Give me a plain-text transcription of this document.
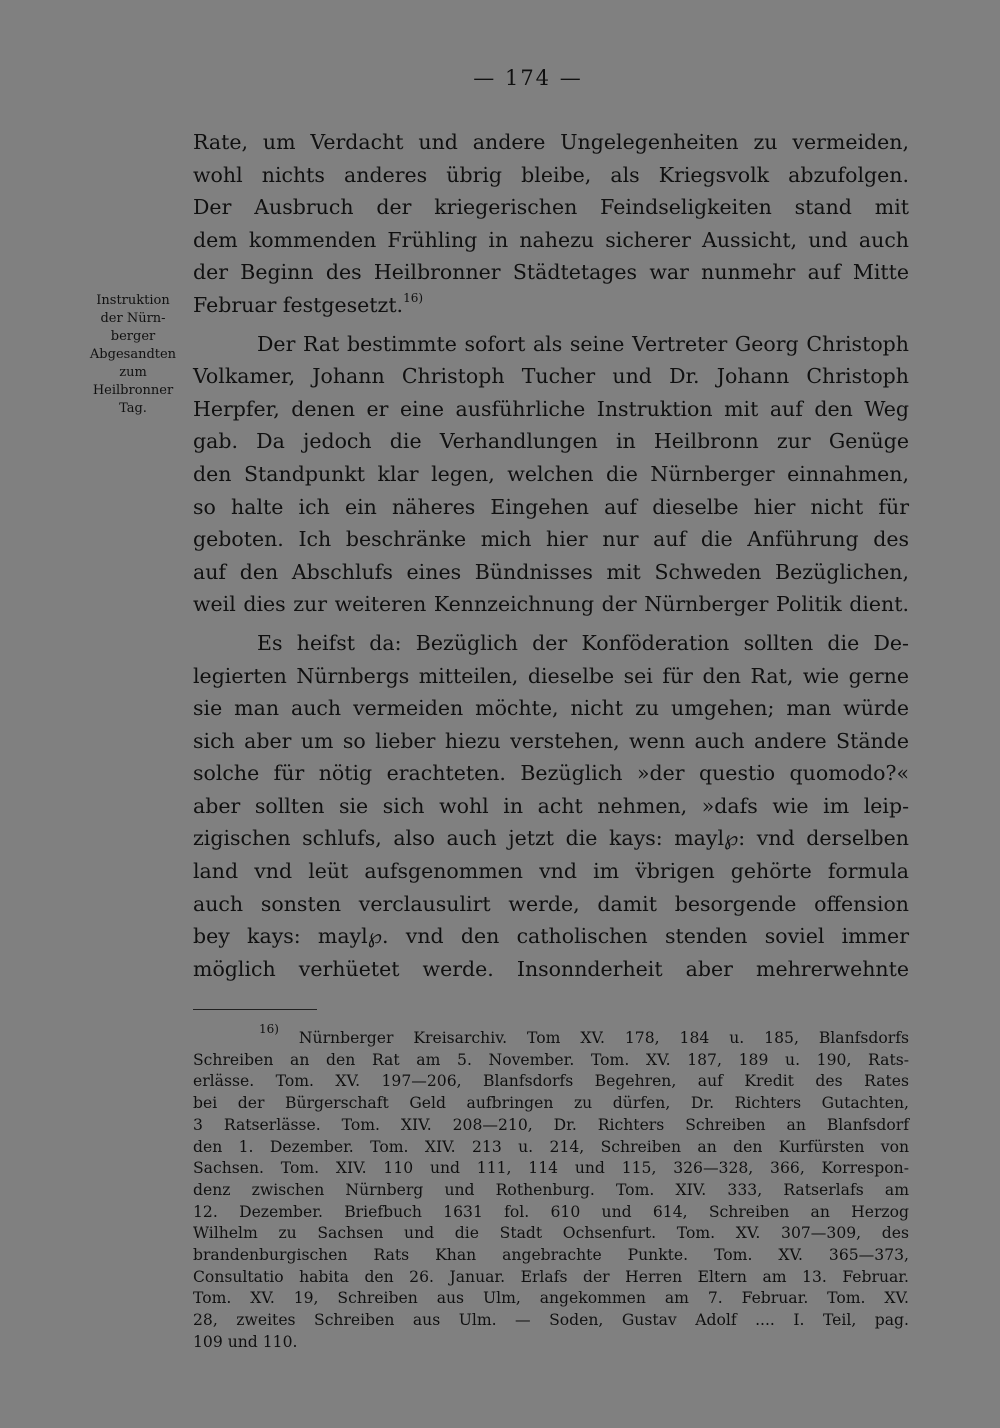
— 174 —
Instruktion
der Nürn-
berger
Abgesandten
zum
Heilbronner
Tag.

Rate, um Verdacht und andere Ungelegenheiten zu vermeiden,
wohl nichts anderes übrig bleibe, als Kriegsvolk abzufolgen.
Der Ausbruch der kriegerischen Feindseligkeiten stand mit
dem kommenden Frühling in nahezu sicherer Aussicht, und auch
der Beginn des Heilbronner Städtetages war nunmehr auf Mitte
Februar festgesetzt.$^{16)}$

Der Rat bestimmte sofort als seine Vertreter Georg Christoph
Volkamer, Johann Christoph Tucher und Dr. Johann Christoph
Herpfer, denen er eine ausführliche Instruktion mit auf den Weg
gab. Da jedoch die Verhandlungen in Heilbronn zur Genüge
den Standpunkt klar legen, welchen die Nürnberger einnahmen,
so halte ich ein näheres Eingehen auf dieselbe hier nicht für
geboten. Ich beschränke mich hier nur auf die Anführung des
auf den Abschlufs eines Bündnisses mit Schweden Bezüglichen,
weil dies zur weiteren Kennzeichnung der Nürnberger Politik dient.

Es heifst da: Bezüglich der Konföderation sollten die De-
legierten Nürnbergs mitteilen, dieselbe sei für den Rat, wie gerne
sie man auch vermeiden möchte, nicht zu umgehen; man würde
sich aber um so lieber hiezu verstehen, wenn auch andere Stände
solche für nötig erachteten. Bezüglich »der questio quomodo?«
aber sollten sie sich wohl in acht nehmen, »dafs wie im leip-
zigischen schlufs, also auch jetzt die kays: mayl℘: vnd derselben
land vnd leüt aufsgenommen vnd im v̈brigen gehörte formula
auch sonsten verclausulirt werde, damit besorgende offension
bey kays: mayl℘. vnd den catholischen stenden soviel immer
möglich verhüetet werde. Insonnderheit aber mehrerwehnte

$^{16)}$ Nürnberger Kreisarchiv. Tom XV. 178, 184 u. 185, Blanfsdorfs
Schreiben an den Rat am 5. November. Tom. XV. 187, 189 u. 190, Rats-
erlässe. Tom. XV. 197—206, Blanfsdorfs Begehren, auf Kredit des Rates
bei der Bürgerschaft Geld aufbringen zu dürfen, Dr. Richters Gutachten,
3 Ratserlässe. Tom. XIV. 208—210, Dr. Richters Schreiben an Blanfsdorf
den 1. Dezember. Tom. XIV. 213 u. 214, Schreiben an den Kurfürsten von
Sachsen. Tom. XIV. 110 und 111, 114 und 115, 326—328, 366, Korrespon-
denz zwischen Nürnberg und Rothenburg. Tom. XIV. 333, Ratserlafs am
12. Dezember. Briefbuch 1631 fol. 610 und 614, Schreiben an Herzog
Wilhelm zu Sachsen und die Stadt Ochsenfurt. Tom. XV. 307—309, des
brandenburgischen Rats Khan angebrachte Punkte. Tom. XV. 365—373,
Consultatio habita den 26. Januar. Erlafs der Herren Eltern am 13. Februar.
Tom. XV. 19, Schreiben aus Ulm, angekommen am 7. Februar. Tom. XV.
28, zweites Schreiben aus Ulm. — Soden, Gustav Adolf .... I. Teil, pag.
109 und 110.
